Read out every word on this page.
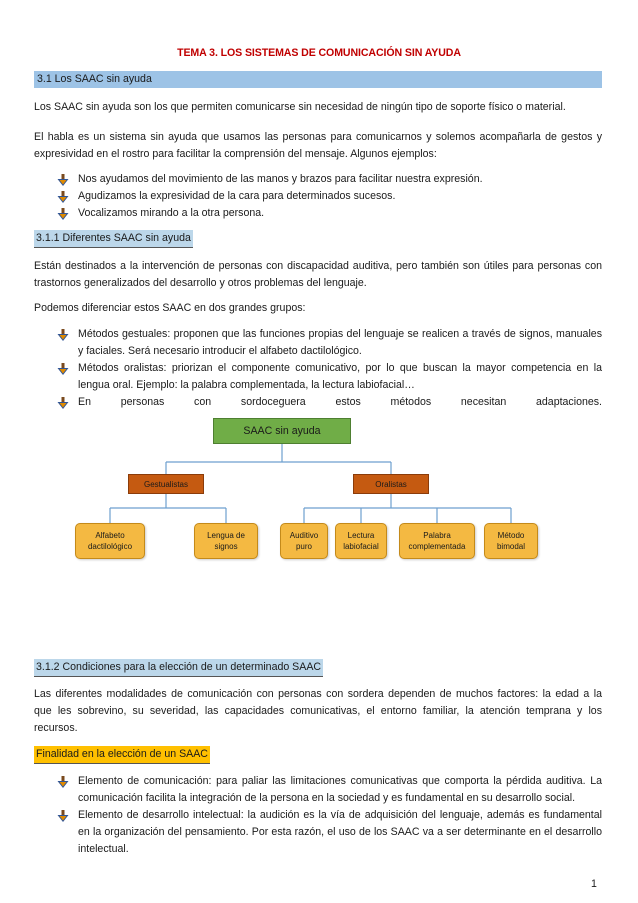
TEMA 3. LOS SISTEMAS DE COMUNICACIÓN SIN AYUDA
3.1 Los SAAC sin ayuda
Los SAAC sin ayuda son los que permiten comunicarse sin necesidad de ningún tipo de soporte físico o material.
El habla es un sistema sin ayuda que usamos las personas para comunicarnos y solemos acompañarla de gestos y
expresividad en el rostro para facilitar la comprensión del mensaje. Algunos ejemplos:
Nos ayudamos del movimiento de las manos y brazos para facilitar nuestra expresión.
Agudizamos la expresividad de la cara para determinados sucesos.
Vocalizamos mirando a la otra persona.
3.1.1 Diferentes SAAC sin ayuda
Están destinados a la intervención de personas con discapacidad auditiva, pero también son útiles para personas con
trastornos generalizados del desarrollo y otros problemas del lenguaje.
Podemos diferenciar estos SAAC en dos grandes grupos:
Métodos gestuales: proponen que las funciones propias del lenguaje se realicen a través de signos, manuales
y faciales. Será necesario introducir el alfabeto dactilológico.
Métodos oralistas: priorizan el componente comunicativo, por lo que buscan la mayor competencia en la
lengua oral. Ejemplo: la palabra complementada, la lectura labiofacial…
En personas con sordoceguera estos métodos necesitan adaptaciones.
SAAC sin ayuda
Gestualistas	Oralistas
Alfabeto dactilológico
Lengua de signos
Auditivo puro
Lectura labiofacial
Palabra complementada
Método bimodal
3.1.2 Condiciones para la elección de un determinado SAAC
Las diferentes modalidades de comunicación con personas con sordera dependen de muchos factores: la edad a la
que les sobrevino, su severidad, las capacidades comunicativas, el entorno familiar, la atención temprana y los
recursos.
Finalidad en la elección de un SAAC
Elemento de comunicación: para paliar las limitaciones comunicativas que comporta la pérdida auditiva. La
comunicación facilita la integración de la persona en la sociedad y es fundamental en su desarrollo social.
Elemento de desarrollo intelectual: la audición es la vía de adquisición del lenguaje, además es fundamental
en la organización del pensamiento. Por esta razón, el uso de los SAAC va a ser determinante en el desarrollo
intelectual.
1
